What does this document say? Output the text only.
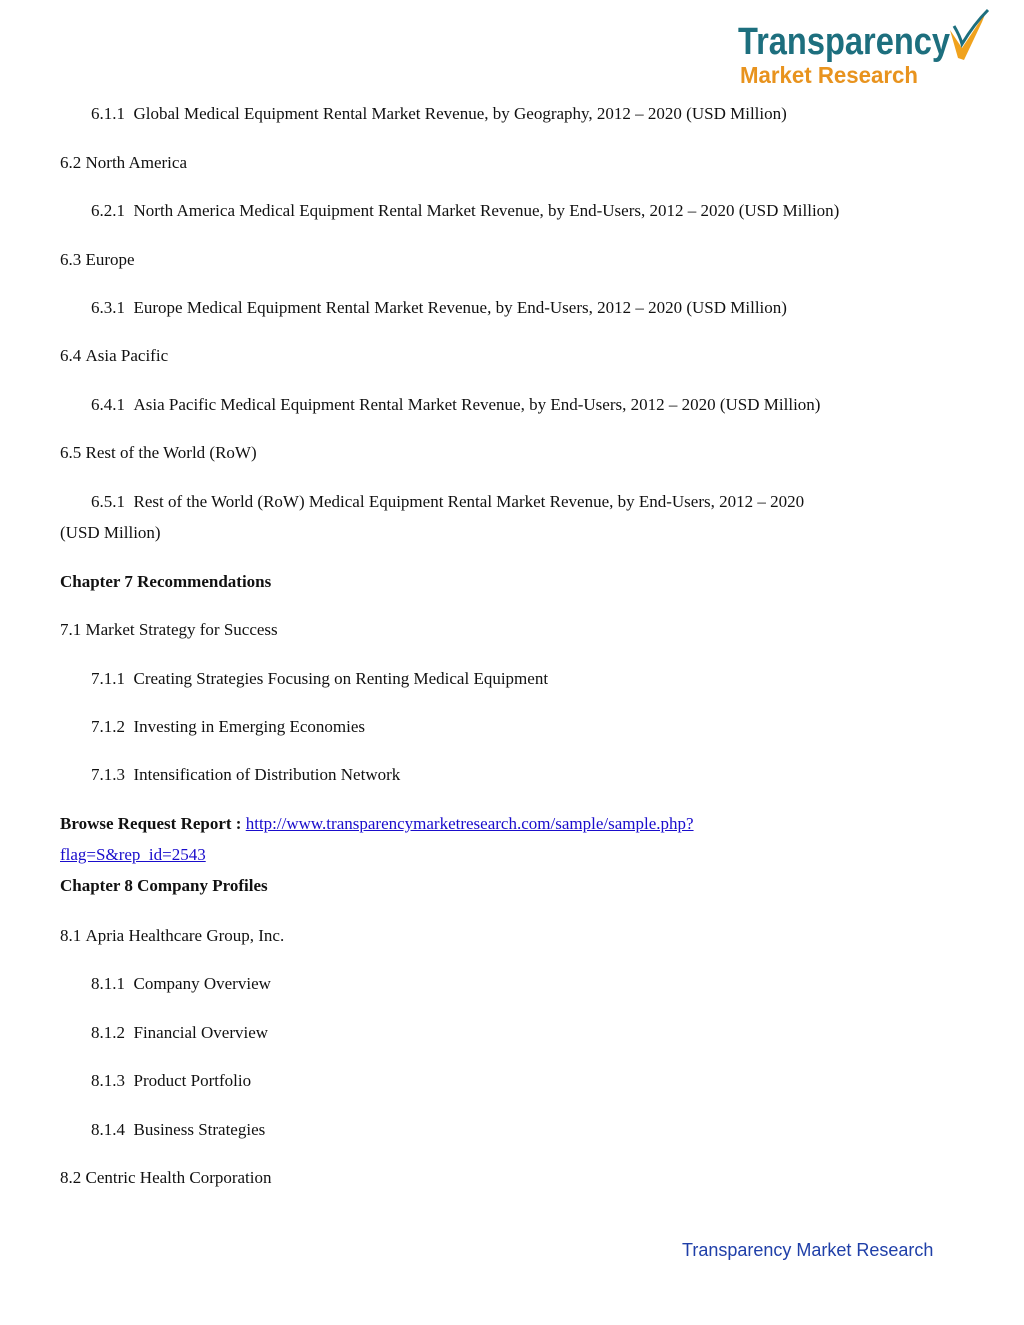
Transparency
Market Research
6.1.1 Global Medical Equipment Rental Market Revenue, by Geography, 2012 – 2020 (USD Million)
6.2 North America
6.2.1 North America Medical Equipment Rental Market Revenue, by End-Users, 2012 – 2020 (USD Million)
6.3 Europe
6.3.1 Europe Medical Equipment Rental Market Revenue, by End-Users, 2012 – 2020 (USD Million)
6.4 Asia Pacific
6.4.1 Asia Pacific Medical Equipment Rental Market Revenue, by End-Users, 2012 – 2020 (USD Million)
6.5 Rest of the World (RoW)
6.5.1 Rest of the World (RoW) Medical Equipment Rental Market Revenue, by End-Users, 2012 – 2020
(USD Million)
Chapter 7 Recommendations
7.1 Market Strategy for Success
7.1.1 Creating Strategies Focusing on Renting Medical Equipment
7.1.2 Investing in Emerging Economies
7.1.3 Intensification of Distribution Network
Browse Request Report : http://www.transparencymarketresearch.com/sample/sample.php?
flag=S&rep_id=2543
Chapter 8 Company Profiles
8.1 Apria Healthcare Group, Inc.
8.1.1 Company Overview
8.1.2 Financial Overview
8.1.3 Product Portfolio
8.1.4 Business Strategies
8.2 Centric Health Corporation
Transparency Market Research
